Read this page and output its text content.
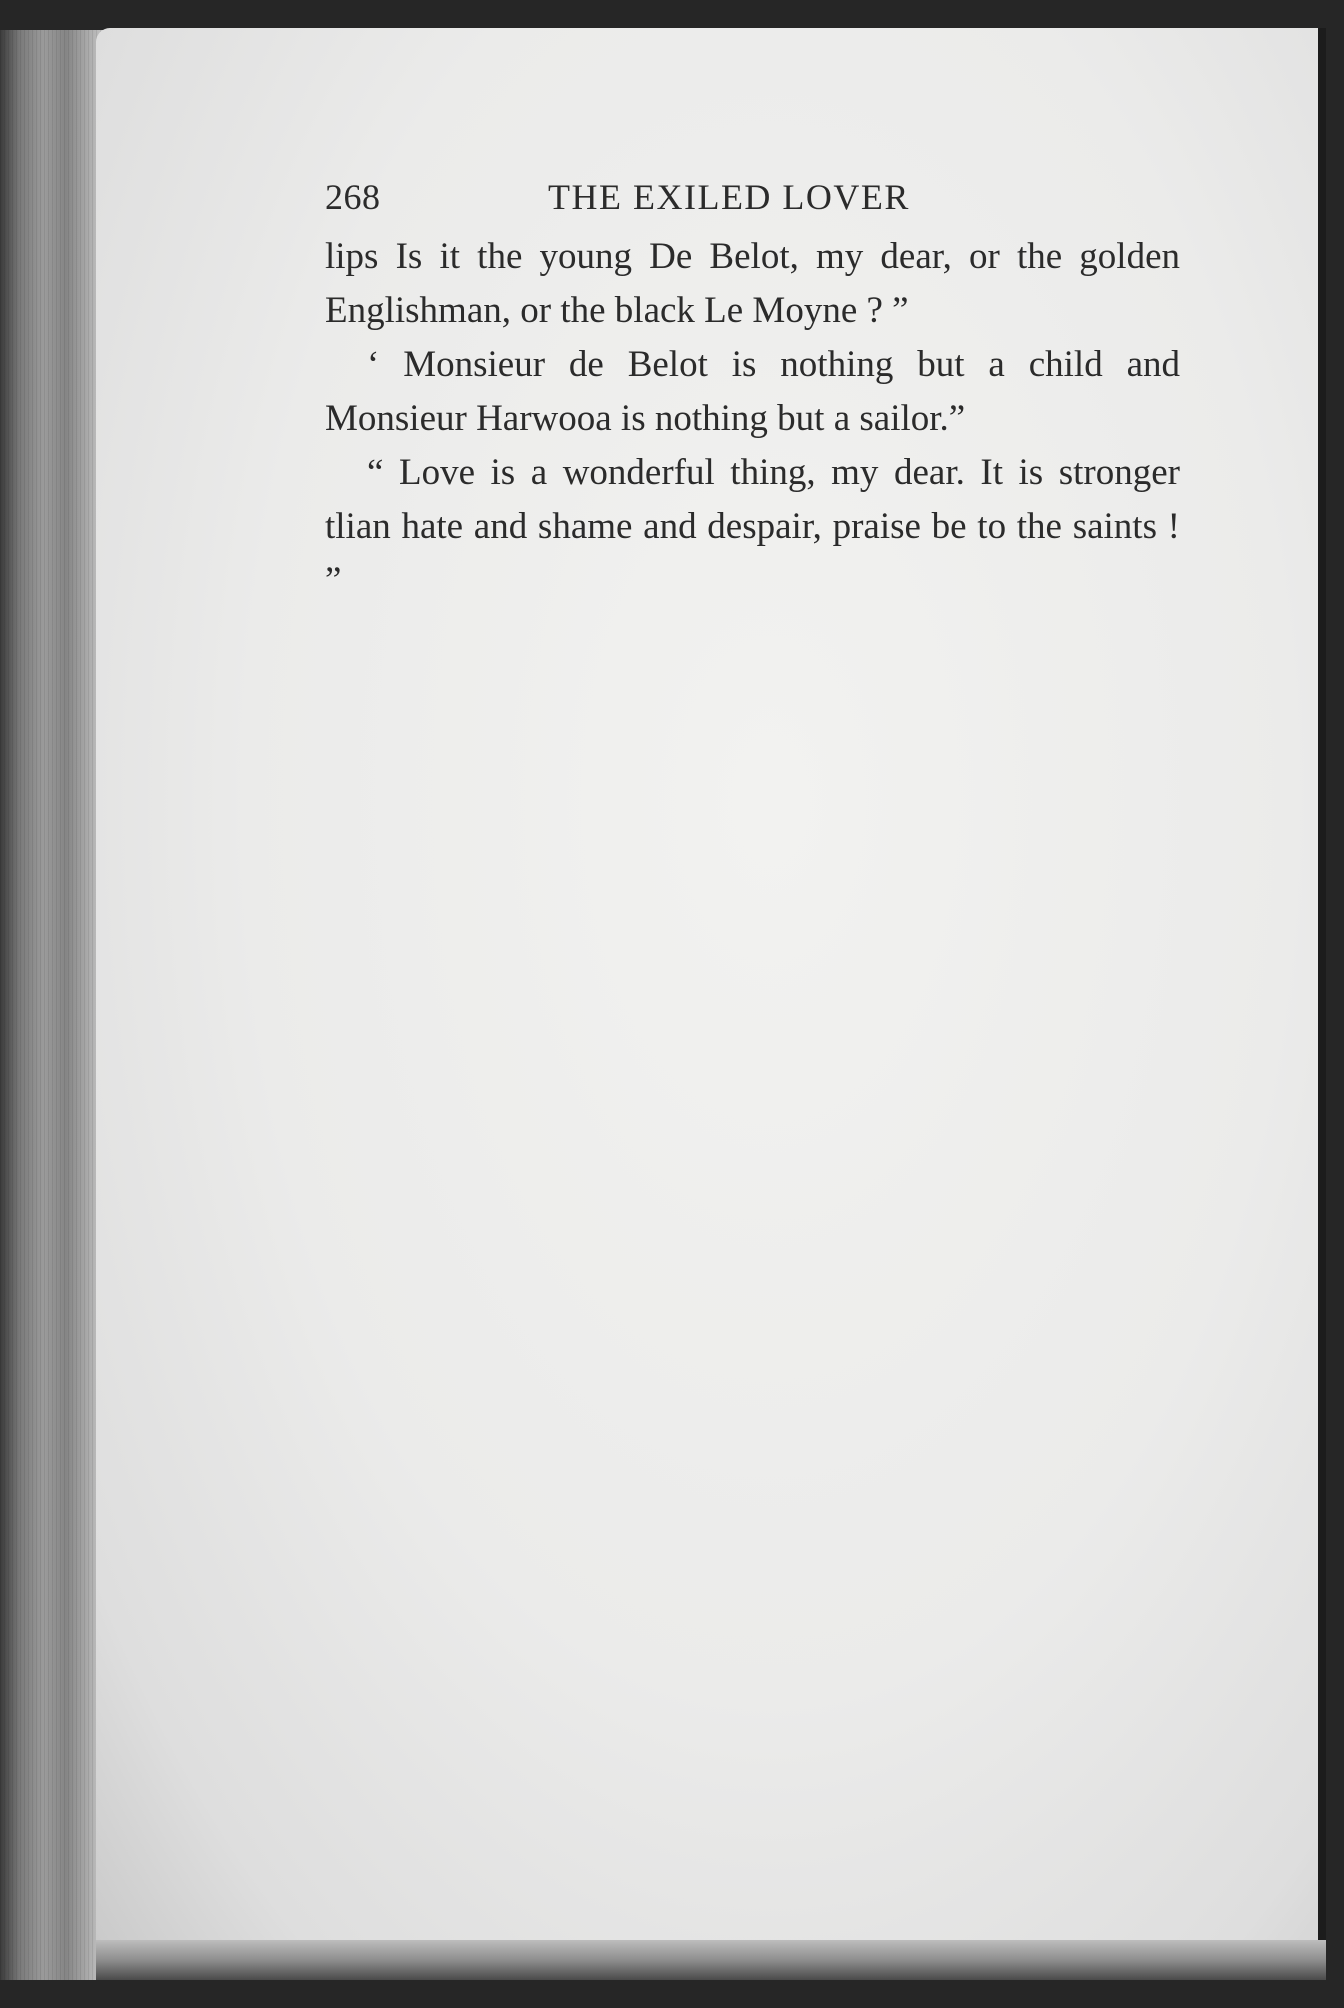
268	THE EXILED LOVER

lips Is it the young De Belot, my dear, or the golden Englishman, or the black Le Moyne ? ”

‘ Monsieur de Belot is nothing but a child and Monsieur Harwooa is nothing but a sailor.”

“ Love is a wonderful thing, my dear. It is stronger tlian hate and shame and despair, praise be to the saints ! ”
